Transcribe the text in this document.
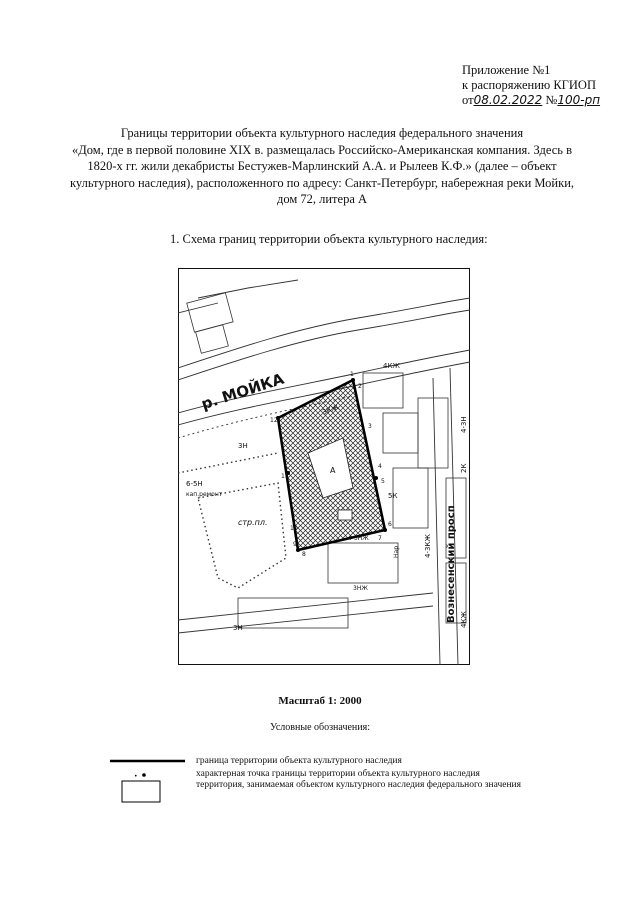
Приложение №1
к распоряжению КГИОП
от08.02.2022 №100-рп
Границы территории объекта культурного наследия федерального значения
«Дом, где в первой половине XIX в. размещалась Российско-Американская компания. Здесь в
1820-х гг. жили декабристы Бестужев-Марлинский А.А. и Рылеев К.Ф.» (далее – объект
культурного наследия), расположенного по адресу: Санкт-Петербург, набережная реки Мойки,
дом 72, литера А
1. Схема границ территории объекта культурного наследия:
р. МОЙКА
Вознесенский просп
стр.пл.
кап.ремонт
А
3Н
4КЖ
5К
6-5Н
3КЖ
4-3Н
2К
4-3КЖ
3НЖ
4-5НЖ
Нар
4КЖ
3Н
1
2
3
4
5
6
7
8
9
10
11
12
Масштаб 1: 2000
Условные обозначения:
граница территории объекта культурного наследия
•	характерная точка границы территории объекта культурного наследия
территория, занимаемая объектом культурного наследия федерального значения
